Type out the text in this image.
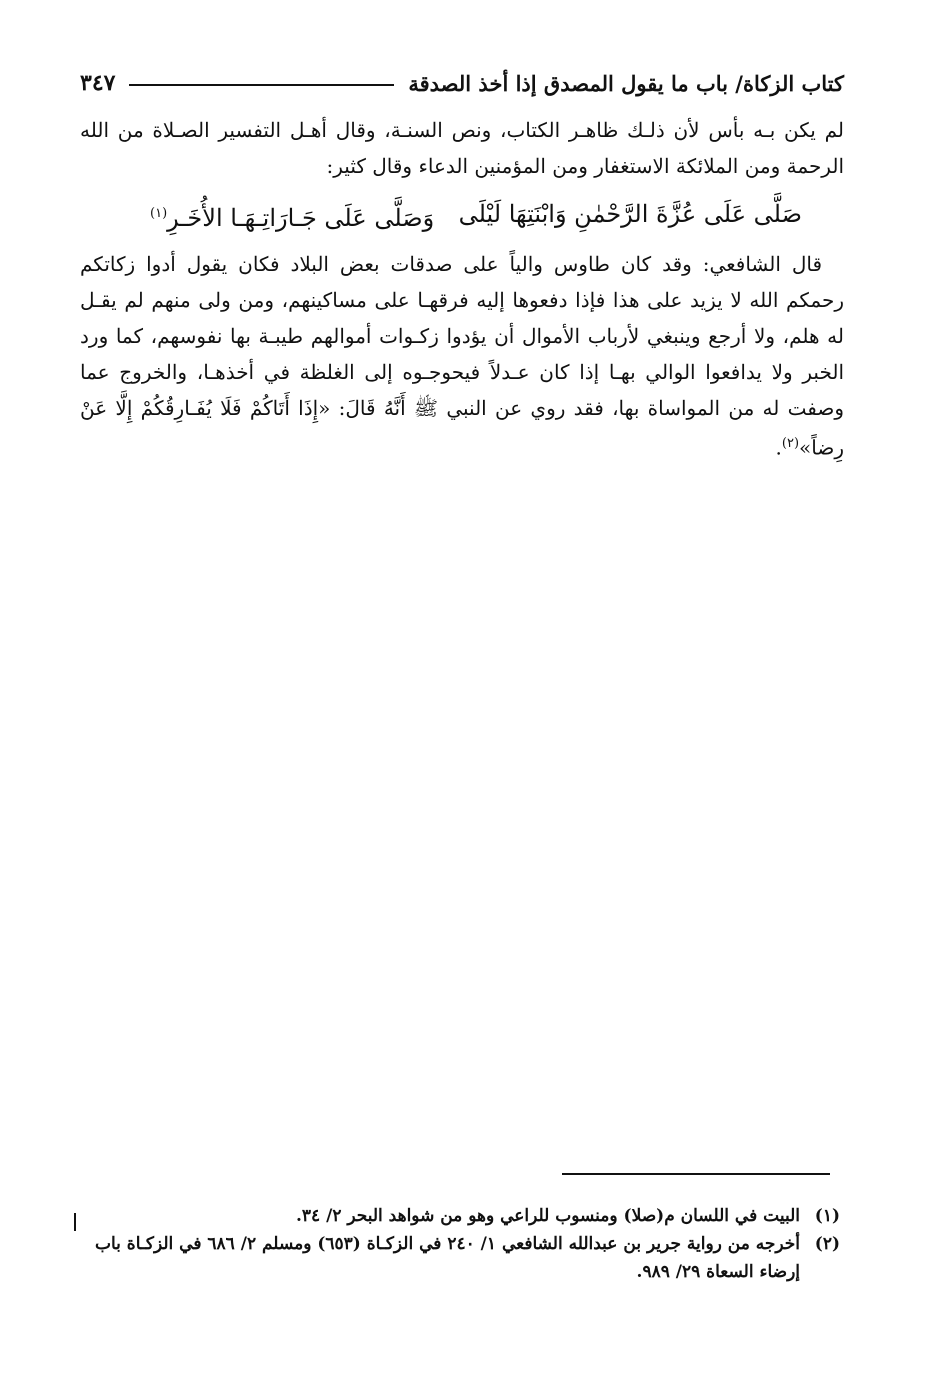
كتاب الزكاة/ باب ما يقول المصدق إذا أخذ الصدقة
٣٤٧

لم يكن بـه بأس لأن ذلـك ظاهـر الكتاب، ونص السنـة، وقال أهـل التفسير الصـلاة من الله الرحمة ومن الملائكة الاستغفار ومن المؤمنين الدعاء وقال كثير:

صَلَّى عَلَى عُزَّةَ الرَّحْمٰنِ وَابْنَتِهَا لَيْلَى
وَصَلَّى عَلَى جَـارَاتِـهَـا الأُخَـرِ$^{(١)}$

قال الشافعي: وقد كان طاوس والياً على صدقات بعض البلاد فكان يقول أدوا زكاتكم رحمكم الله لا يزيد على هذا فإذا دفعوها إليه فرقهـا على مساكينهم، ومن ولى منهم لم يقـل له هلم، ولا أرجع وينبغي لأرباب الأموال أن يؤدوا زكـوات أموالهم طيبـة بها نفوسهم، كما ورد الخبر ولا يدافعوا الوالي بهـا إذا كان عـدلاً فيحوجـوه إلى الغلظة في أخذهـا، والخروج عما وصفت له من المواساة بها، فقد روي عن النبي ﷺ أَنَّهُ قَالَ: «إِذَا أَتَاكُمْ فَلَا يُفَـارِقُكُمْ إِلَّا عَنْ رِضاً»$^{(٢)}$.

(١)
البيت في اللسان م(صلا) ومنسوب للراعي وهو من شواهد البحر ٢/ ٣٤.
(٢)
أخرجه من رواية جرير بن عبدالله الشافعي ١/ ٢٤٠ في الزكـاة (٦٥٣) ومسلم ٢/ ٦٨٦ في الزكـاة باب إرضاء السعاة ٢٩/ ٩٨٩.
